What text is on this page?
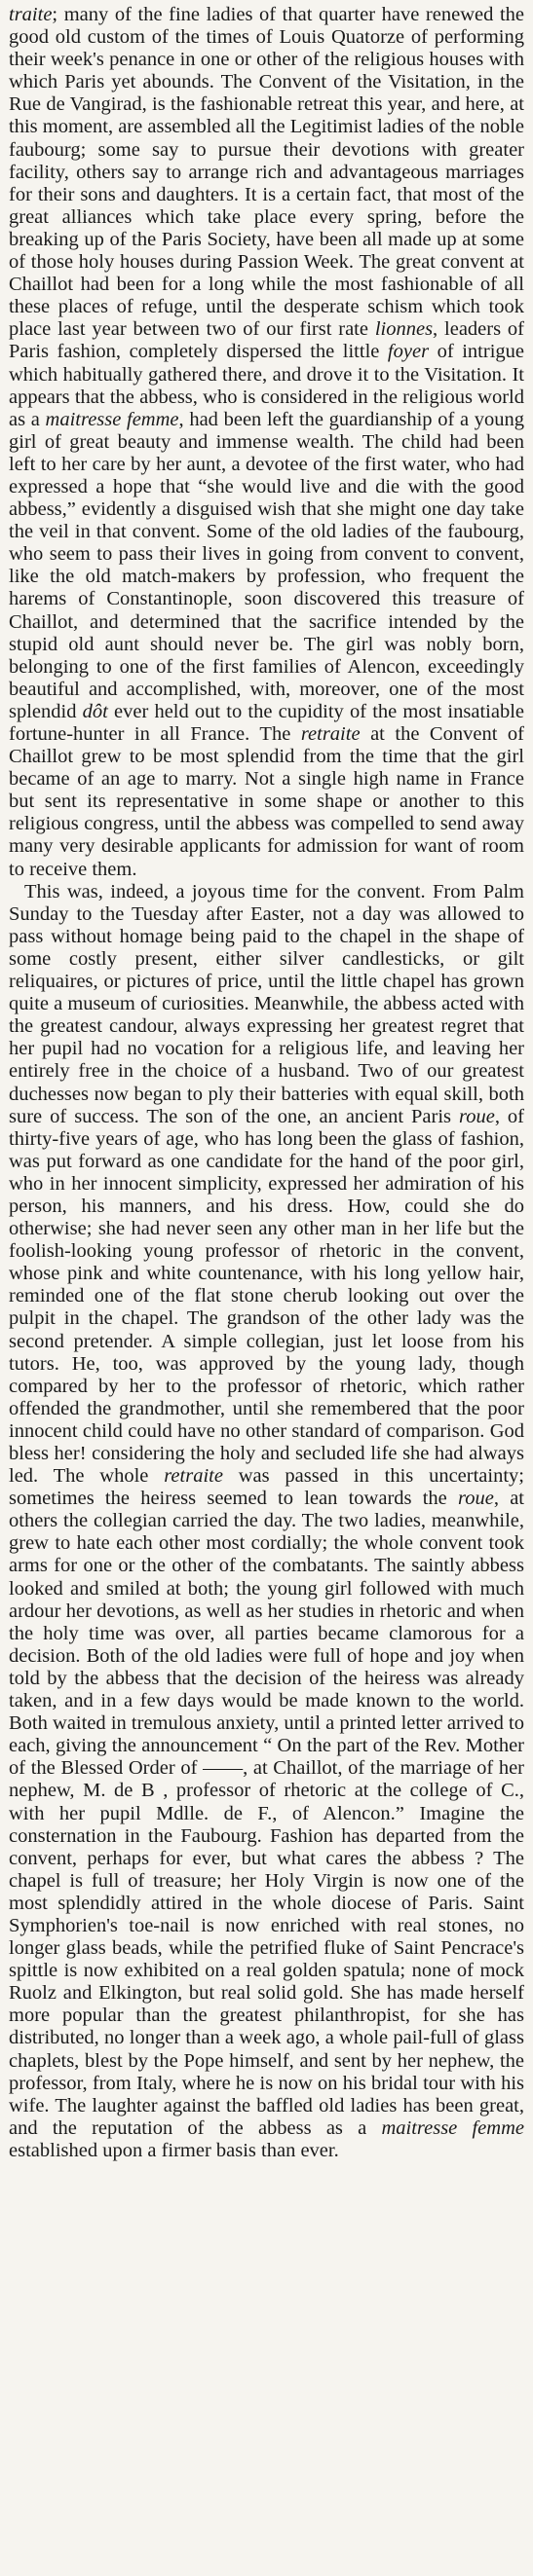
traite; many of the fine ladies of that quarter have renewed the good old custom of the times of Louis Quatorze of performing their week's penance in one or other of the religious houses with which Paris yet abounds. The Convent of the Visitation, in the Rue de Vangirad, is the fashionable retreat this year, and here, at this moment, are assembled all the Legitimist ladies of the noble faubourg; some say to pursue their devotions with greater facility, others say to arrange rich and advantageous marriages for their sons and daughters. It is a certain fact, that most of the great alliances which take place every spring, before the breaking up of the Paris Society, have been all made up at some of those holy houses during Passion Week. The great convent at Chaillot had been for a long while the most fashionable of all these places of refuge, until the desperate schism which took place last year between two of our first rate lionnes, leaders of Paris fashion, completely dispersed the little foyer of intrigue which habitually gathered there, and drove it to the Visitation. It appears that the abbess, who is considered in the religious world as a maitresse femme, had been left the guardianship of a young girl of great beauty and immense wealth. The child had been left to her care by her aunt, a devotee of the first water, who had expressed a hope that “she would live and die with the good abbess,” evidently a disguised wish that she might one day take the veil in that convent. Some of the old ladies of the faubourg, who seem to pass their lives in going from convent to convent, like the old match-makers by profession, who frequent the harems of Constantinople, soon discovered this treasure of Chaillot, and determined that the sacrifice intended by the stupid old aunt should never be. The girl was nobly born, belonging to one of the first families of Alencon, exceedingly beautiful and accomplished, with, moreover, one of the most splendid dôt ever held out to the cupidity of the most insatiable fortune-hunter in all France. The retraite at the Convent of Chaillot grew to be most splendid from the time that the girl became of an age to marry. Not a single high name in France but sent its representative in some shape or another to this religious congress, until the abbess was compelled to send away many very desirable applicants for admission for want of room to receive them.

This was, indeed, a joyous time for the convent. From Palm Sunday to the Tuesday after Easter, not a day was allowed to pass without homage being paid to the chapel in the shape of some costly present, either silver candlesticks, or gilt reliquaires, or pictures of price, until the little chapel has grown quite a museum of curiosities. Meanwhile, the abbess acted with the greatest candour, always expressing her greatest regret that her pupil had no vocation for a religious life, and leaving her entirely free in the choice of a husband. Two of our greatest duchesses now began to ply their batteries with equal skill, both sure of success. The son of the one, an ancient Paris roue, of thirty-five years of age, who has long been the glass of fashion, was put forward as one candidate for the hand of the poor girl, who in her innocent simplicity, expressed her admiration of his person, his manners, and his dress. How, could she do otherwise; she had never seen any other man in her life but the foolish-looking young professor of rhetoric in the convent, whose pink and white countenance, with his long yellow hair, reminded one of the flat stone cherub looking out over the pulpit in the chapel. The grandson of the other lady was the second pretender. A simple collegian, just let loose from his tutors. He, too, was approved by the young lady, though compared by her to the professor of rhetoric, which rather offended the grandmother, until she remembered that the poor innocent child could have no other standard of comparison. God bless her! considering the holy and secluded life she had always led. The whole retraite was passed in this uncertainty; sometimes the heiress seemed to lean towards the roue, at others the collegian carried the day. The two ladies, meanwhile, grew to hate each other most cordially; the whole convent took arms for one or the other of the combatants. The saintly abbess looked and smiled at both; the young girl followed with much ardour her devotions, as well as her studies in rhetoric and when the holy time was over, all parties became clamorous for a decision. Both of the old ladies were full of hope and joy when told by the abbess that the decision of the heiress was already taken, and in a few days would be made known to the world. Both waited in tremulous anxiety, until a printed letter arrived to each, giving the announcement “ On the part of the Rev. Mother of the Blessed Order of ——, at Chaillot, of the marriage of her nephew, M. de B , professor of rhetoric at the college of C., with her pupil Mdlle. de F., of Alencon.” Imagine the consternation in the Faubourg. Fashion has departed from the convent, perhaps for ever, but what cares the abbess ? The chapel is full of treasure; her Holy Virgin is now one of the most splendidly attired in the whole diocese of Paris. Saint Symphorien's toe-nail is now enriched with real stones, no longer glass beads, while the petrified fluke of Saint Pencrace's spittle is now exhibited on a real golden spatula; none of mock Ruolz and Elkington, but real solid gold. She has made herself more popular than the greatest philanthropist, for she has distributed, no longer than a week ago, a whole pail-full of glass chaplets, blest by the Pope himself, and sent by her nephew, the professor, from Italy, where he is now on his bridal tour with his wife. The laughter against the baffled old ladies has been great, and the reputation of the abbess as a maitresse femme established upon a firmer basis than ever.
